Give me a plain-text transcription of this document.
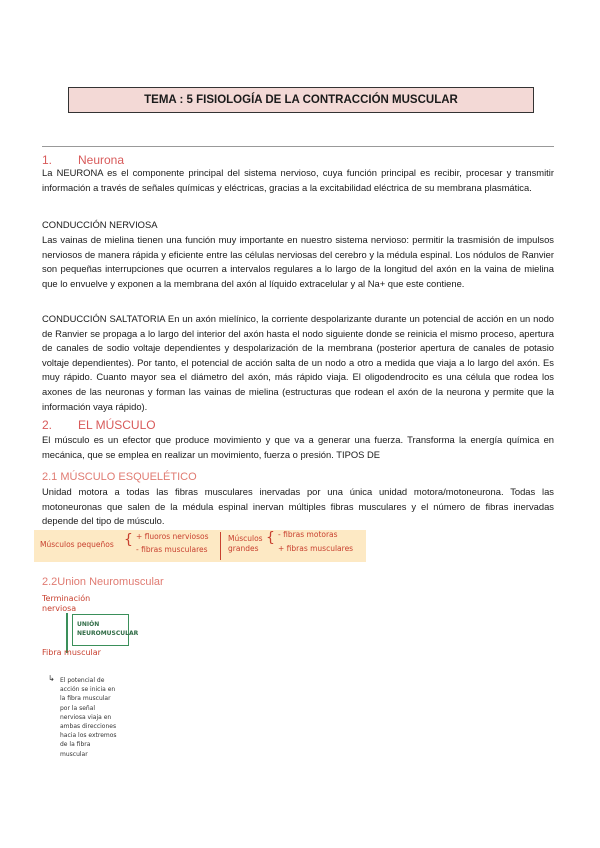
TEMA : 5 FISIOLOGÍA DE LA CONTRACCIÓN MUSCULAR
1. Neurona
La NEURONA es el componente principal del sistema nervioso, cuya función principal es recibir, procesar y transmitir información a través de señales químicas y eléctricas, gracias a la excitabilidad eléctrica de su membrana plasmática.
CONDUCCIÓN NERVIOSA
Las vainas de mielina tienen una función muy importante en nuestro sistema nervioso: permitir la trasmisión de impulsos nerviosos de manera rápida y eficiente entre las células nerviosas del cerebro y la médula espinal. Los nódulos de Ranvier son pequeñas interrupciones que ocurren a intervalos regulares a lo largo de la longitud del axón en la vaina de mielina que lo envuelve y exponen a la membrana del axón al líquido extracelular y al Na+ que este contiene.
CONDUCCIÓN SALTATORIA En un axón mielínico, la corriente despolarizante durante un potencial de acción en un nodo de Ranvier se propaga a lo largo del interior del axón hasta el nodo siguiente donde se reinicia el mismo proceso, apertura de canales de sodio voltaje dependientes y despolarización de la membrana (posterior apertura de canales de potasio voltaje dependientes). Por tanto, el potencial de acción salta de un nodo a otro a medida que viaja a lo largo del axón. Es muy rápido. Cuanto mayor sea el diámetro del axón, más rápido viaja. El oligodendrocito es una célula que rodea los axones de las neuronas y forman las vainas de mielina (estructuras que rodean el axón de la neurona y permite que la información vaya rápido).
2. EL MÚSCULO
El músculo es un efector que produce movimiento y que va a generar una fuerza. Transforma la energía química en mecánica, que se emplea en realizar un movimiento, fuerza o presión. TIPOS DE
2.1 MÚSCULO ESQUELÉTICO
Unidad motora a todas las fibras musculares inervadas por una única unidad motora/motoneurona. Todas las motoneuronas que salen de la médula espinal inervan múltiples fibras musculares y el número de fibras inervadas depende del tipo de músculo.
Músculos pequeños { + fluoros nerviosos
- fibras musculares
Músculos grandes
{ - fibras motoras
+ fibras musculares
2.2Union Neuromuscular
Terminación nerviosa
UNIÓN NEUROMUSCULAR
Fibra muscular
↳ El potencial de acción se inicia en la fibra muscular por la señal nerviosa viaja en ambas direcciones hacia los extremos de la fibra muscular
